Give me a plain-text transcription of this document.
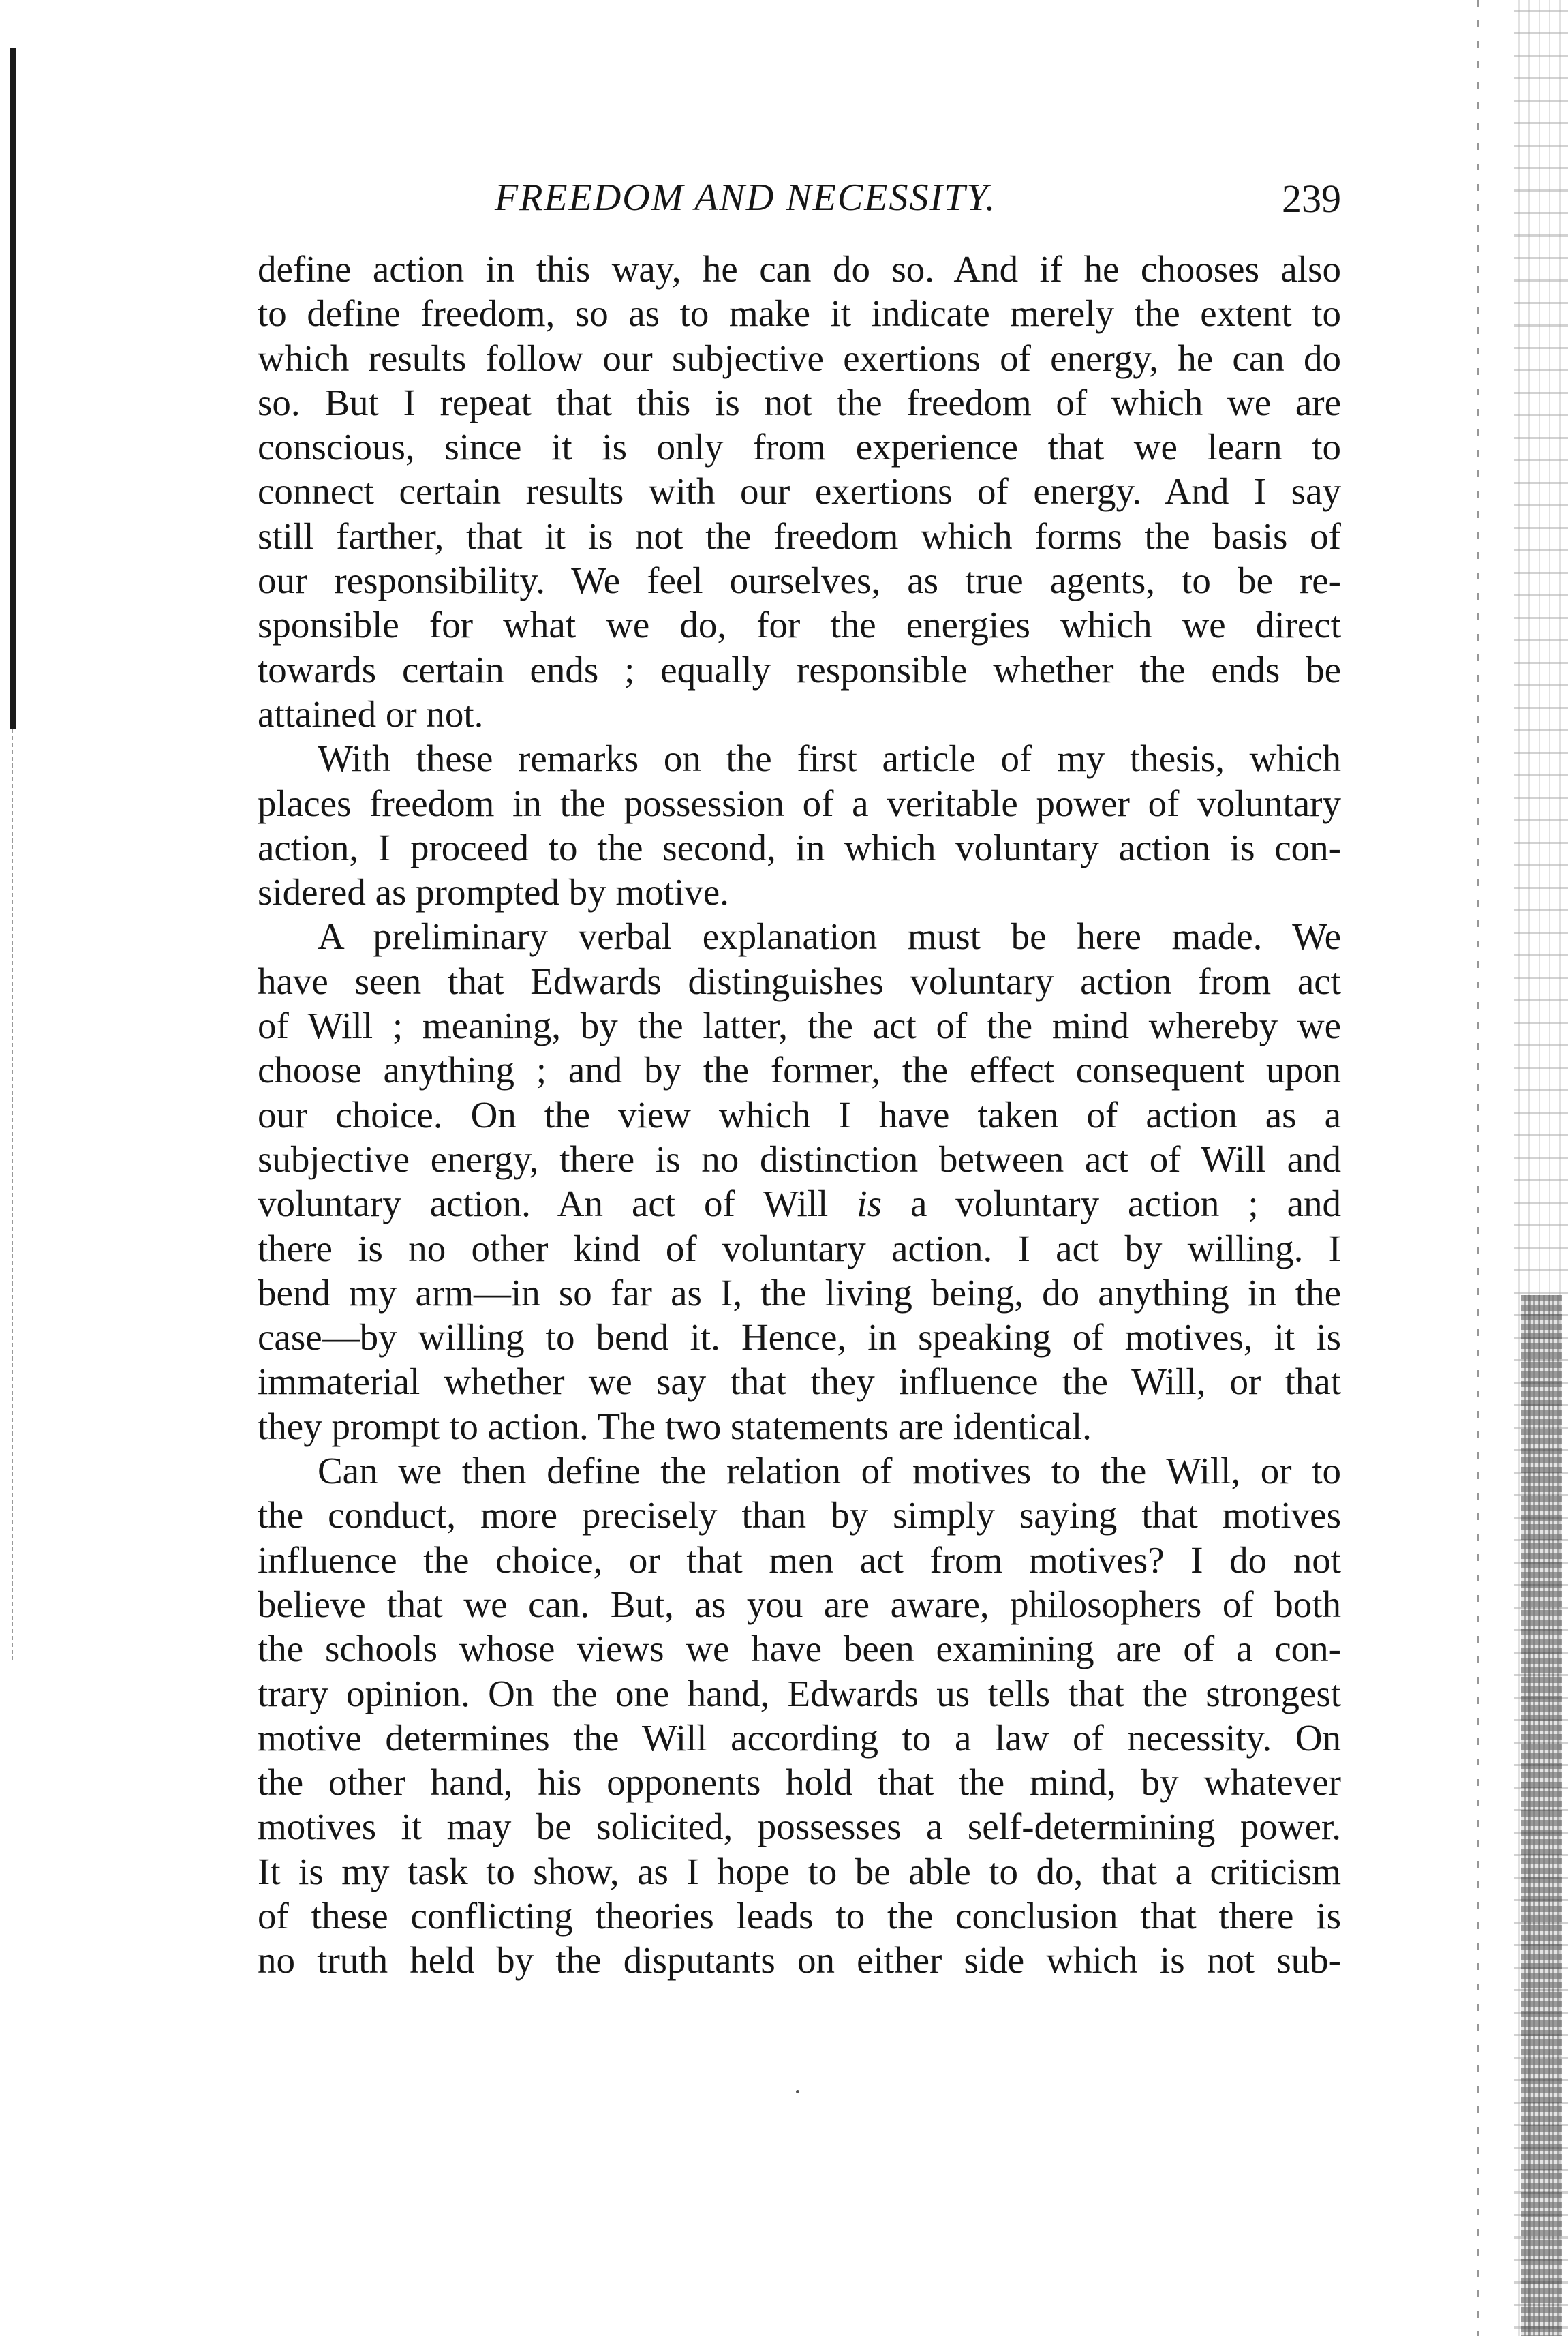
FREEDOM AND NECESSITY.	239
define action in this way, he can do so. And if he chooses also
to define freedom, so as to make it indicate merely the extent to
which results follow our subjective exertions of energy, he can do
so. But I repeat that this is not the freedom of which we are
conscious, since it is only from experience that we learn to
connect certain results with our exertions of energy. And I say
still farther, that it is not the freedom which forms the basis of
our responsibility. We feel ourselves, as true agents, to be re-
sponsible for what we do, for the energies which we direct
towards certain ends ; equally responsible whether the ends be
attained or not.
With these remarks on the first article of my thesis, which
places freedom in the possession of a veritable power of voluntary
action, I proceed to the second, in which voluntary action is con-
sidered as prompted by motive.
A preliminary verbal explanation must be here made. We
have seen that Edwards distinguishes voluntary action from act
of Will ; meaning, by the latter, the act of the mind whereby we
choose anything ; and by the former, the effect consequent upon
our choice. On the view which I have taken of action as a
subjective energy, there is no distinction between act of Will and
voluntary action. An act of Will is a voluntary action ; and
there is no other kind of voluntary action. I act by willing. I
bend my arm—in so far as I, the living being, do anything in the
case—by willing to bend it. Hence, in speaking of motives, it is
immaterial whether we say that they influence the Will, or that
they prompt to action. The two statements are identical.
Can we then define the relation of motives to the Will, or to
the conduct, more precisely than by simply saying that motives
influence the choice, or that men act from motives? I do not
believe that we can. But, as you are aware, philosophers of both
the schools whose views we have been examining are of a con-
trary opinion. On the one hand, Edwards us tells that the strongest
motive determines the Will according to a law of necessity. On
the other hand, his opponents hold that the mind, by whatever
motives it may be solicited, possesses a self-determining power.
It is my task to show, as I hope to be able to do, that a criticism
of these conflicting theories leads to the conclusion that there is
no truth held by the disputants on either side which is not sub-
